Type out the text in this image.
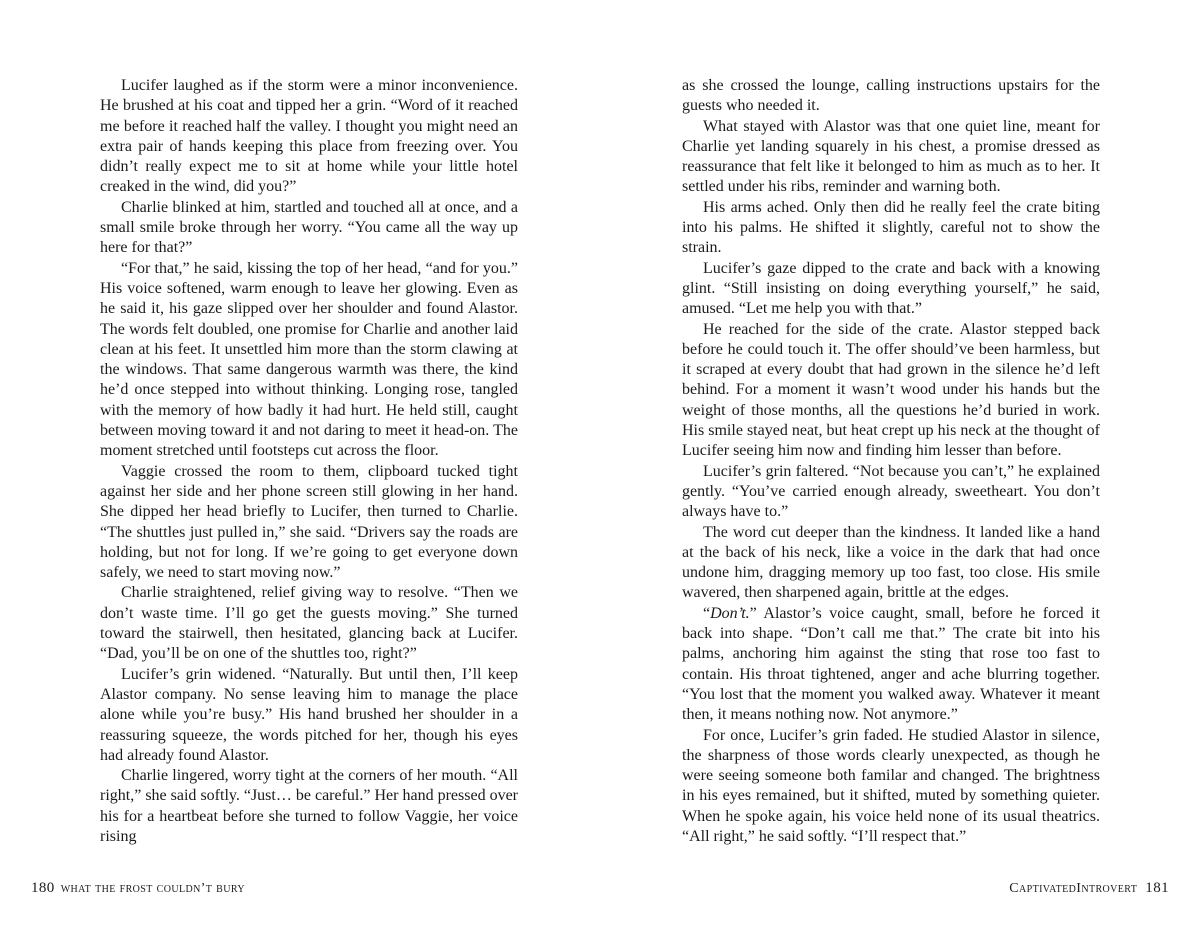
Lucifer laughed as if the storm were a minor inconvenience. He brushed at his coat and tipped her a grin. “Word of it reached me before it reached half the valley. I thought you might need an extra pair of hands keeping this place from freezing over. You didn’t really expect me to sit at home while your little hotel creaked in the wind, did you?”

Charlie blinked at him, startled and touched all at once, and a small smile broke through her worry. “You came all the way up here for that?”

“For that,” he said, kissing the top of her head, “and for you.” His voice softened, warm enough to leave her glowing. Even as he said it, his gaze slipped over her shoulder and found Alastor. The words felt doubled, one promise for Charlie and another laid clean at his feet. It unsettled him more than the storm clawing at the windows. That same dangerous warmth was there, the kind he’d once stepped into without thinking. Longing rose, tangled with the memory of how badly it had hurt. He held still, caught between moving toward it and not daring to meet it head-on. The moment stretched until footsteps cut across the floor.

Vaggie crossed the room to them, clipboard tucked tight against her side and her phone screen still glowing in her hand. She dipped her head briefly to Lucifer, then turned to Charlie. “The shuttles just pulled in,” she said. “Drivers say the roads are holding, but not for long. If we’re going to get everyone down safely, we need to start moving now.”

Charlie straightened, relief giving way to resolve. “Then we don’t waste time. I’ll go get the guests moving.” She turned toward the stairwell, then hesitated, glancing back at Lucifer. “Dad, you’ll be on one of the shuttles too, right?”

Lucifer’s grin widened. “Naturally. But until then, I’ll keep Alastor company. No sense leaving him to manage the place alone while you’re busy.” His hand brushed her shoulder in a reassuring squeeze, the words pitched for her, though his eyes had already found Alastor.

Charlie lingered, worry tight at the corners of her mouth. “All right,” she said softly. “Just… be careful.” Her hand pressed over his for a heartbeat before she turned to follow Vaggie, her voice rising

as she crossed the lounge, calling instructions upstairs for the guests who needed it.

What stayed with Alastor was that one quiet line, meant for Charlie yet landing squarely in his chest, a promise dressed as reassurance that felt like it belonged to him as much as to her. It settled under his ribs, reminder and warning both.

His arms ached. Only then did he really feel the crate biting into his palms. He shifted it slightly, careful not to show the strain.

Lucifer’s gaze dipped to the crate and back with a knowing glint. “Still insisting on doing everything yourself,” he said, amused. “Let me help you with that.”

He reached for the side of the crate. Alastor stepped back before he could touch it. The offer should’ve been harmless, but it scraped at every doubt that had grown in the silence he’d left behind. For a moment it wasn’t wood under his hands but the weight of those months, all the questions he’d buried in work. His smile stayed neat, but heat crept up his neck at the thought of Lucifer seeing him now and finding him lesser than before.

Lucifer’s grin faltered. “Not because you can’t,” he explained gently. “You’ve carried enough already, sweetheart. You don’t always have to.”

The word cut deeper than the kindness. It landed like a hand at the back of his neck, like a voice in the dark that had once undone him, dragging memory up too fast, too close. His smile wavered, then sharpened again, brittle at the edges.

“Don’t.” Alastor’s voice caught, small, before he forced it back into shape. “Don’t call me that.” The crate bit into his palms, anchoring him against the sting that rose too fast to contain. His throat tightened, anger and ache blurring together. “You lost that the moment you walked away. Whatever it meant then, it means nothing now. Not anymore.”

For once, Lucifer’s grin faded. He studied Alastor in silence, the sharpness of those words clearly unexpected, as though he were seeing someone both familar and changed. The brightness in his eyes remained, but it shifted, muted by something quieter. When he spoke again, his voice held none of its usual theatrics. “All right,” he said softly. “I’ll respect that.”

180 what the frost couldn’t bury	CaptivatedIntrovert 181
